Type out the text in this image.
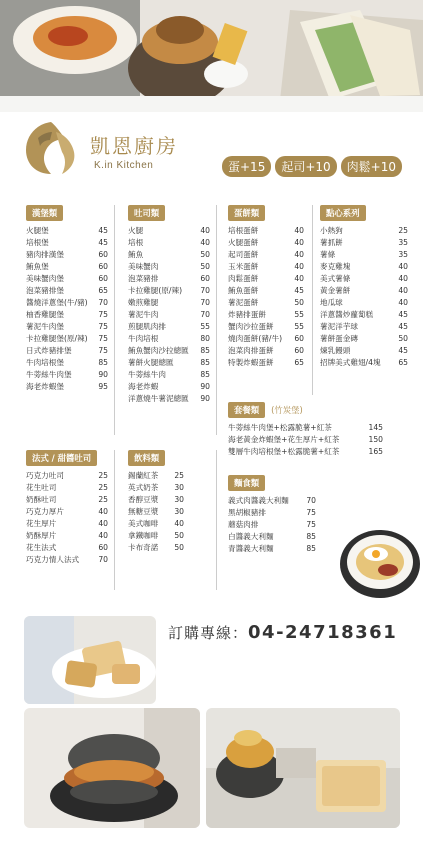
凱恩廚房
K.in Kitchen	蛋+15	起司+10	肉鬆+10
漢堡類
火腿堡	45
培根堡	45
豬肉排漢堡	60
鮪魚堡	60
美味蟹肉堡	60
泡菜豬排堡	65
醬燒洋蔥堡(牛/豬)	70
柚香雞腿堡	75
薯泥牛肉堡	75
卡拉雞腿堡(原/辣)	75
日式炸豬排堡	75
牛肉培根堡	85
牛蒡絲牛肉堡	90
海老炸蝦堡	95
吐司類
火腿	40
培根	40
鮪魚	50
美味蟹肉	50
泡菜豬排	60
卡拉雞腿(原/辣)	70
嫩煎雞腿	70
薯泥牛肉	70
煎腿肌肉排	55
牛肉培根	80
鮪魚蟹肉沙拉總匯	85
薯餅火腿總匯	85
牛蒡絲牛肉	85
海老炸蝦	90
洋蔥燒牛薯泥總匯	90
蛋餅類
培根蛋餅	40
火腿蛋餅	40
起司蛋餅	40
玉米蛋餅	40
肉鬆蛋餅	40
鮪魚蛋餅	45
薯泥蛋餅	50
炸豬排蛋餅	55
蟹肉沙拉蛋餅	55
燒肉蛋餅(豬/牛)	60
泡菜肉排蛋餅	60
特製炸蝦蛋餅	65
點心系列
小熱狗	25
薯抓餅	35
薯條	35
麥克雞塊	40
美式薯條	40
黃金薯餅	40
地瓜球	40
洋蔥醬炒蘿蔔糕	45
薯泥洋芋球	45
薯餅蛋金磚	50
煉乳饅頭	45
招牌美式雞翅/4塊	65
套餐類 (竹炭堡)
牛蒡絲牛肉堡+松露脆薯+紅茶	145
海老黃金炸蝦堡+花生厚片+紅茶	150
雙層牛肉培根堡+松露脆薯+紅茶	165
法式 / 甜醬吐司
巧克力吐司	25
花生吐司	25
奶酥吐司	25
巧克力厚片	40
花生厚片	40
奶酥厚片	40
花生法式	60
巧克力情人法式	70
飲料類
錫蘭紅茶	25
英式奶茶	30
香醇豆漿	30
無糖豆漿	30
美式咖啡	40
拿鐵咖啡	50
卡布奇諾	50
麵食類
義式肉醬義大利麵	70
黑胡椒豬排	75
蘑菇肉排	75
白醬義大利麵	85
青醬義大利麵	85
訂購專線：04-24718361
